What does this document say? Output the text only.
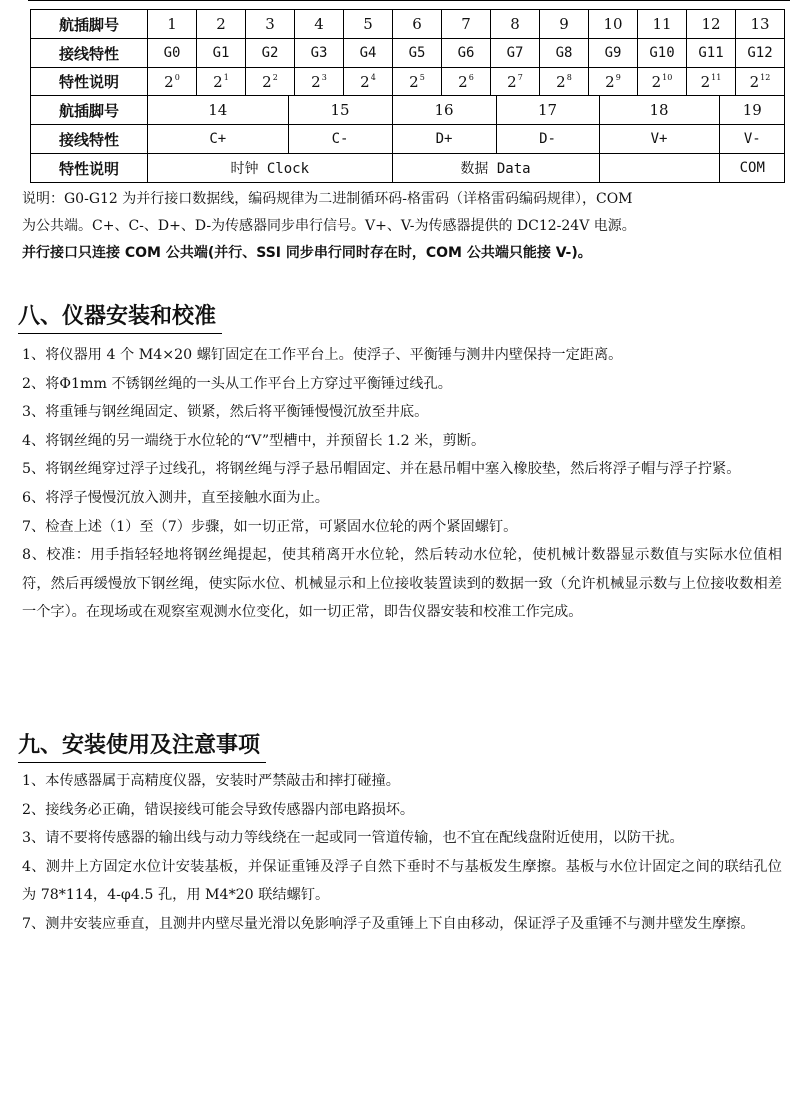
航插脚号	1	2	3	4	5	6	7	8	9	10	11	12	13
接线特性	G0	G1	G2	G3	G4	G5	G6	G7	G8	G9	G10	G11	G12
特性说明	$2^0$	$2^1$	$2^2$	$2^3$	$2^4$	$2^5$	$2^6$	$2^7$	$2^8$	$2^9$	$2^{10}$	$2^{11}$	$2^{12}$
航插脚号		14	15	16	17	18	19

接线特性		C+	C-	D+	D-	V+	V-

特性说明		时钟 Clock	数据 Data		COM
说明：G0-G12 为并行接口数据线，编码规律为二进制循环码-格雷码（详格雷码编码规律），COM
为公共端。C+、C-、D+、D-为传感器同步串行信号。V+、V-为传感器提供的 DC12-24V 电源。
并行接口只连接 COM 公共端(并行、SSI 同步串行同时存在时，COM 公共端只能接 V-)。
八、仪器安装和校准
1、将仪器用 4 个 M4×20 螺钉固定在工作平台上。使浮子、平衡锤与测井内壁保持一定距离。
2、将Φ1mm 不锈钢丝绳的一头从工作平台上方穿过平衡锤过线孔。
3、将重锤与钢丝绳固定、锁紧，然后将平衡锤慢慢沉放至井底。
4、将钢丝绳的另一端绕于水位轮的“V”型槽中，并预留长 1.2 米，剪断。
5、将钢丝绳穿过浮子过线孔，将钢丝绳与浮子悬吊帽固定、并在悬吊帽中塞入橡胶垫，然后将浮子帽与浮子拧紧。
6、将浮子慢慢沉放入测井，直至接触水面为止。
7、检查上述（1）至（7）步骤，如一切正常，可紧固水位轮的两个紧固螺钉。
8、校准：用手指轻轻地将钢丝绳提起，使其稍离开水位轮，然后转动水位轮，使机械计数器显示数值与实际水位值相符，然后再缓慢放下钢丝绳，使实际水位、机械显示和上位接收装置读到的数据一致（允许机械显示数与上位接收数相差一个字）。在现场或在观察室观测水位变化，如一切正常，即告仪器安装和校准工作完成。
九、安装使用及注意事项
1、本传感器属于高精度仪器，安装时严禁敲击和摔打碰撞。
2、接线务必正确，错误接线可能会导致传感器内部电路损坏。
3、请不要将传感器的输出线与动力等线绕在一起或同一管道传输，也不宜在配线盘附近使用，以防干扰。
4、测井上方固定水位计安装基板，并保证重锤及浮子自然下垂时不与基板发生摩擦。基板与水位计固定之间的联结孔位为 78*114，4-φ4.5 孔，用 M4*20 联结螺钉。
7、测井安装应垂直，且测井内壁尽量光滑以免影响浮子及重锤上下自由移动，保证浮子及重锤不与测井壁发生摩擦。
